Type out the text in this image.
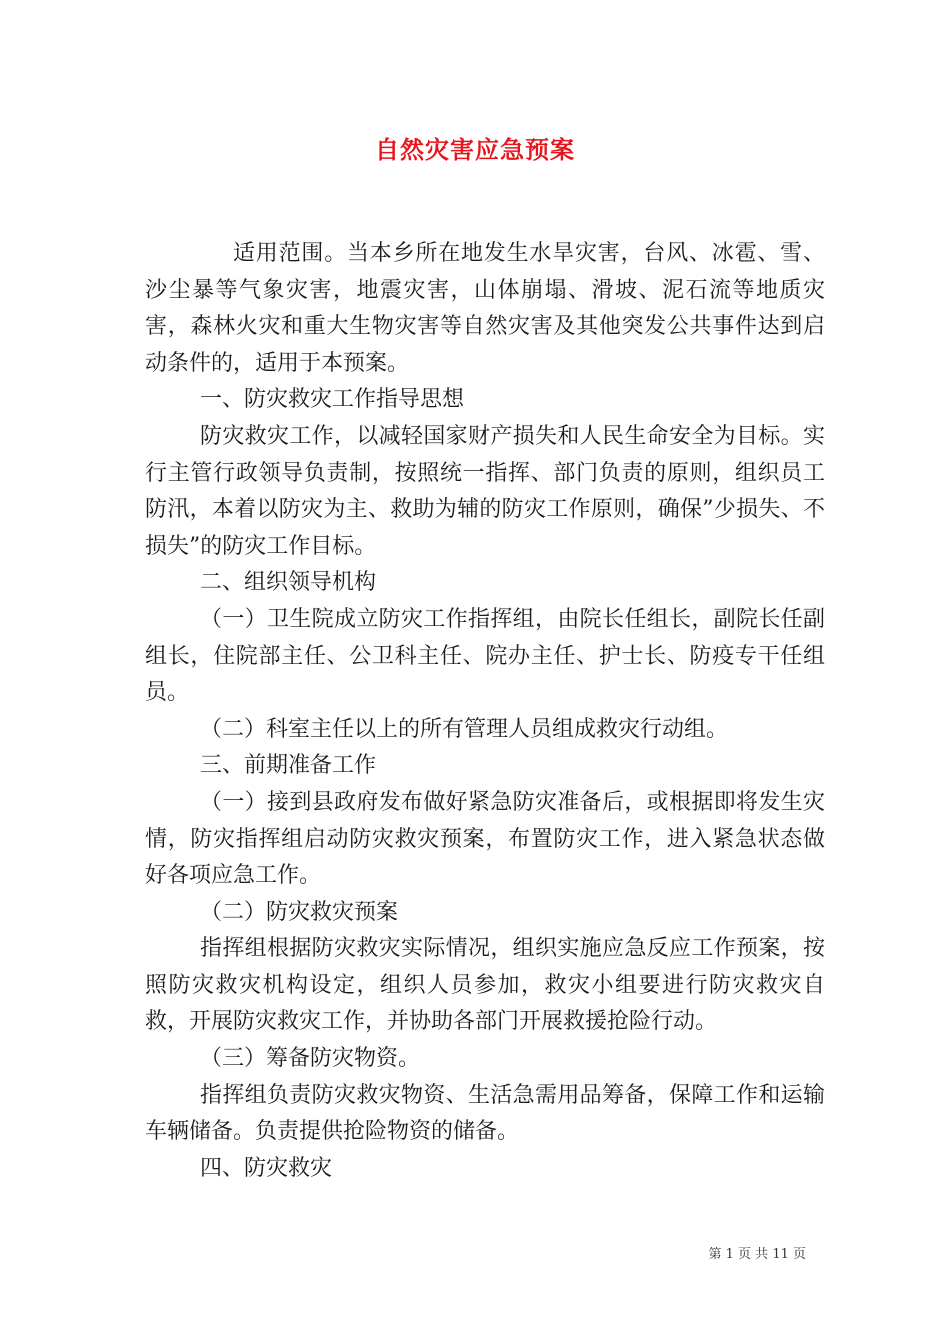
自然灾害应急预案

适用范围。当本乡所在地发生水旱灾害，台风、冰雹、雪、沙尘暴等气象灾害，地震灾害，山体崩塌、滑坡、泥石流等地质灾害，森林火灾和重大生物灾害等自然灾害及其他突发公共事件达到启动条件的，适用于本预案。

一、防灾救灾工作指导思想

防灾救灾工作，以减轻国家财产损失和人民生命安全为目标。实行主管行政领导负责制，按照统一指挥、部门负责的原则，组织员工防汛，本着以防灾为主、救助为辅的防灾工作原则，确保”少损失、不损失”的防灾工作目标。

二、组织领导机构

（一）卫生院成立防灾工作指挥组，由院长任组长，副院长任副组长，住院部主任、公卫科主任、院办主任、护士长、防疫专干任组员。

（二）科室主任以上的所有管理人员组成救灾行动组。

三、前期准备工作

（一）接到县政府发布做好紧急防灾准备后，或根据即将发生灾情，防灾指挥组启动防灾救灾预案，布置防灾工作，进入紧急状态做好各项应急工作。

（二）防灾救灾预案

指挥组根据防灾救灾实际情况，组织实施应急反应工作预案，按照防灾救灾机构设定，组织人员参加，救灾小组要进行防灾救灾自救，开展防灾救灾工作，并协助各部门开展救援抢险行动。

（三）筹备防灾物资。

指挥组负责防灾救灾物资、生活急需用品筹备，保障工作和运输车辆储备。负责提供抢险物资的储备。

四、防灾救灾

第 1 页 共 11 页
